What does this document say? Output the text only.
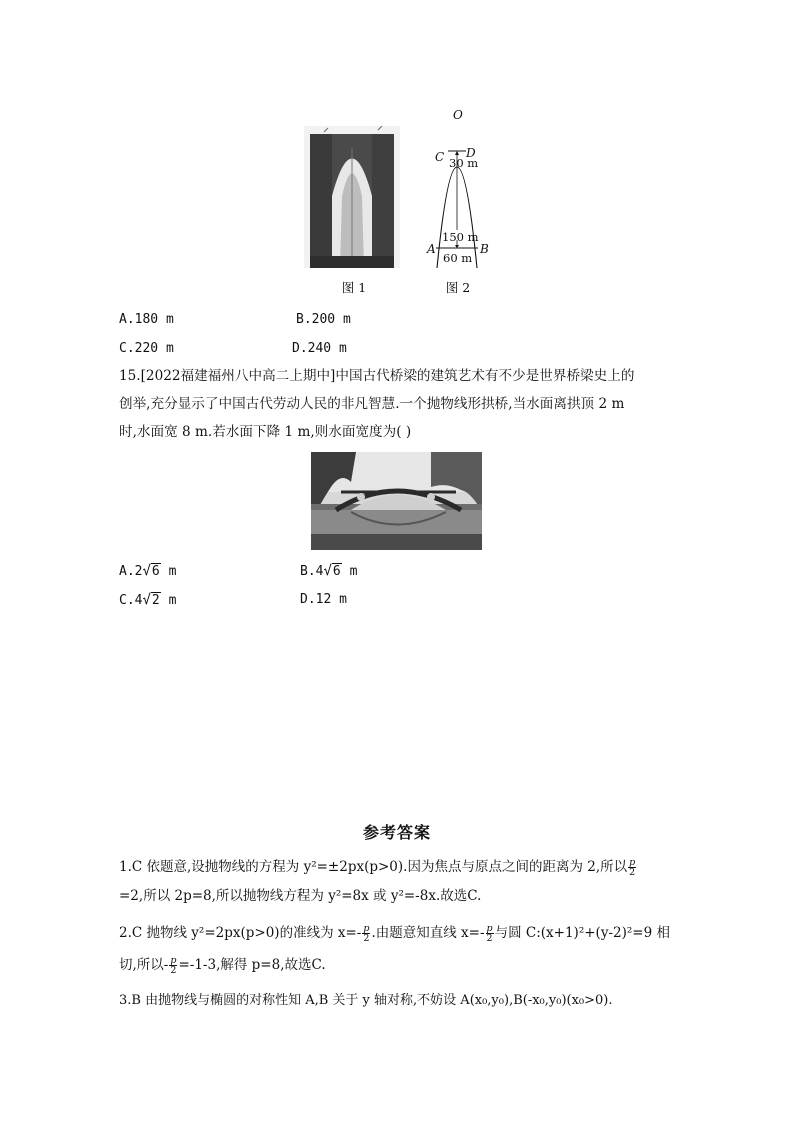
图 1
O
C D
30 m
150 m
A	B
60 m
图 2
A.180 m	B.200 m
C.220 m	D.240 m
15.[2022福建福州八中高二上期中]中国古代桥梁的建筑艺术有不少是世界桥梁史上的
创举,充分显示了中国古代劳动人民的非凡智慧.一个抛物线形拱桥,当水面离拱顶 2 m
时,水面宽 8 m.若水面下降 1 m,则水面宽度为( )
A.2√6 m	B.4√6 m
C.4√2 m	D.12 m
参考答案
1.C 依题意,设抛物线的方程为 y²=±2px(p>0).因为焦点与原点之间的距离为 2,所以 $\frac{p}{2}$
=2,所以 2p=8,所以抛物线方程为 y²=8x 或 y²=-8x.故选C.
2.C 抛物线 y²=2px(p>0)的准线为 $x=- \frac{p}{2}$ .由题意知直线 $x=- \frac{p}{2}$ 与圆 C:(x+1)²+(y-2)²=9 相
切,所以- $\frac{p}{2} =-1-3$,解得 p=8,故选C.
3.B 由抛物线与椭圆的对称性知 A,B 关于 y 轴对称,不妨设 A(x₀,y₀),B(-x₀,y₀)(x₀>0).
